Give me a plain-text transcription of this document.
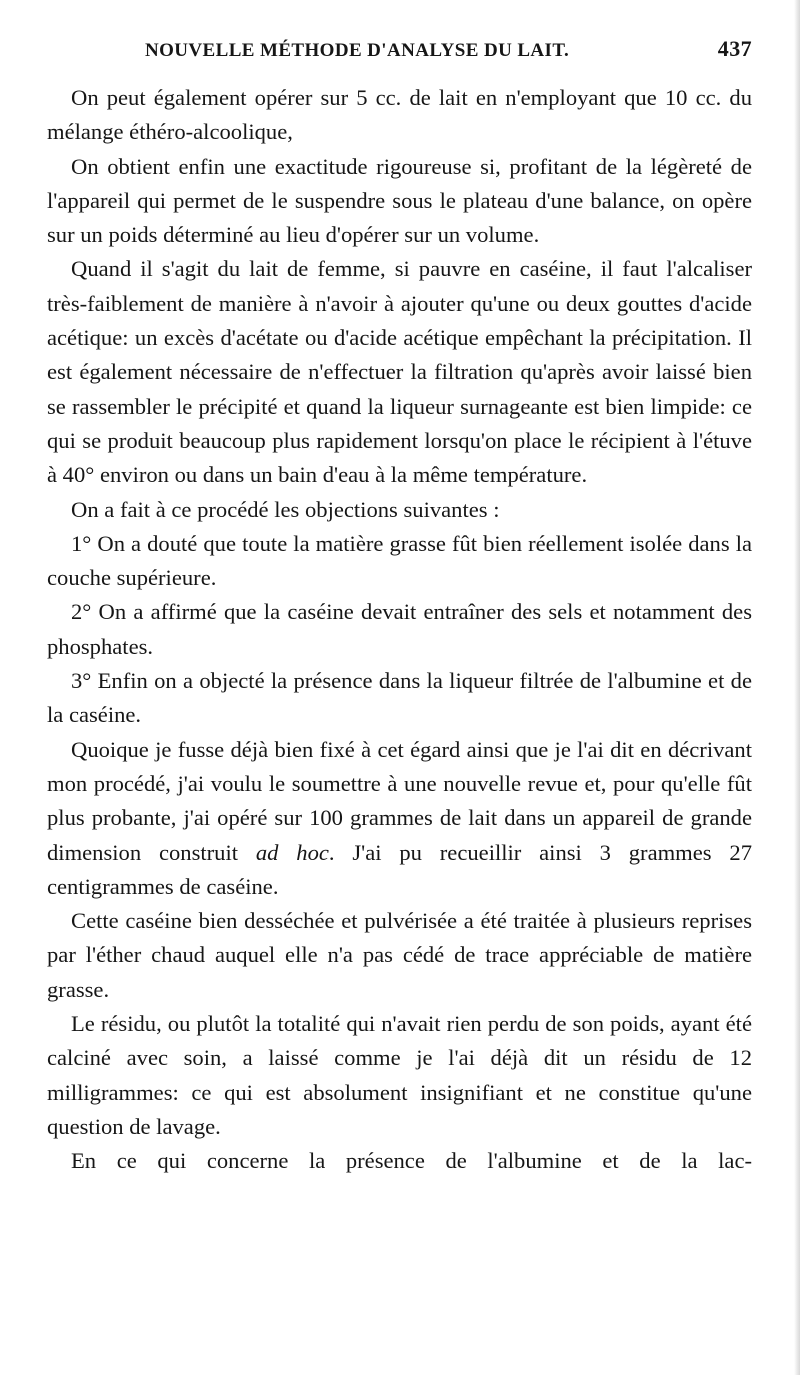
NOUVELLE MÉTHODE D'ANALYSE DU LAIT.	437

On peut également opérer sur 5 cc. de lait en n'employant que 10 cc. du mélange éthéro-alcoolique,

On obtient enfin une exactitude rigoureuse si, profitant de la légèreté de l'appareil qui permet de le suspendre sous le plateau d'une balance, on opère sur un poids déterminé au lieu d'opérer sur un volume.

Quand il s'agit du lait de femme, si pauvre en caséine, il faut l'alcaliser très-faiblement de manière à n'avoir à ajouter qu'une ou deux gouttes d'acide acétique: un excès d'acétate ou d'acide acétique empêchant la précipitation. Il est également nécessaire de n'effectuer la filtration qu'après avoir laissé bien se rassembler le précipité et quand la liqueur surnageante est bien limpide: ce qui se produit beaucoup plus rapidement lorsqu'on place le récipient à l'étuve à 40° environ ou dans un bain d'eau à la même température.

On a fait à ce procédé les objections suivantes :

1° On a douté que toute la matière grasse fût bien réellement isolée dans la couche supérieure.

2° On a affirmé que la caséine devait entraîner des sels et notamment des phosphates.

3° Enfin on a objecté la présence dans la liqueur filtrée de l'albumine et de la caséine.

Quoique je fusse déjà bien fixé à cet égard ainsi que je l'ai dit en décrivant mon procédé, j'ai voulu le soumettre à une nouvelle revue et, pour qu'elle fût plus probante, j'ai opéré sur 100 grammes de lait dans un appareil de grande dimension construit ad hoc. J'ai pu recueillir ainsi 3 grammes 27 centigrammes de caséine.

Cette caséine bien desséchée et pulvérisée a été traitée à plusieurs reprises par l'éther chaud auquel elle n'a pas cédé de trace appréciable de matière grasse.

Le résidu, ou plutôt la totalité qui n'avait rien perdu de son poids, ayant été calciné avec soin, a laissé comme je l'ai déjà dit un résidu de 12 milligrammes: ce qui est absolument insignifiant et ne constitue qu'une question de lavage.

En ce qui concerne la présence de l'albumine et de la lac-
